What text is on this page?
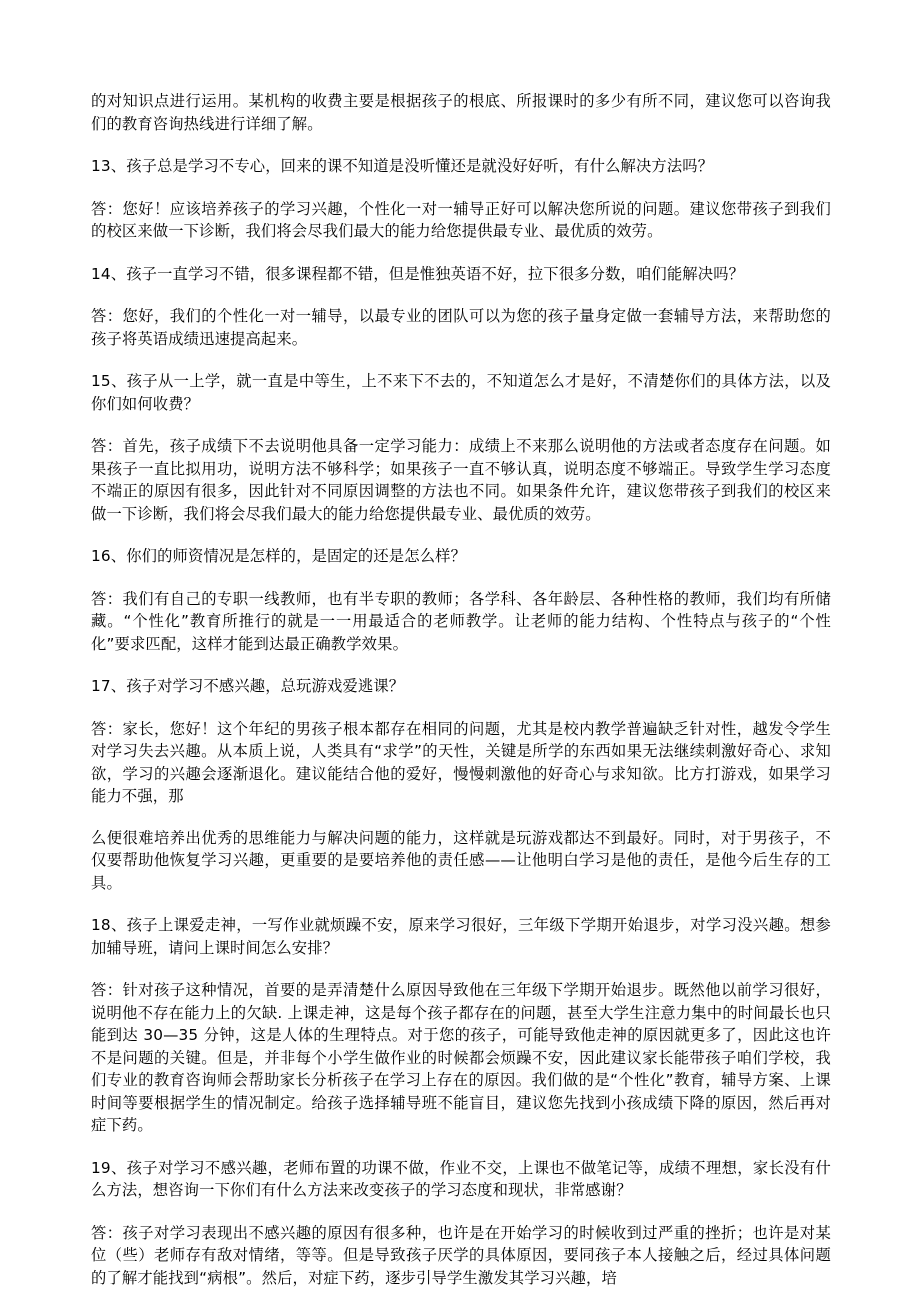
的对知识点进行运用。某机构的收费主要是根据孩子的根底、所报课时的多少有所不同，建议您可以咨询我们的教育咨询热线进行详细了解。

13、孩子总是学习不专心，回来的课不知道是没听懂还是就没好好听，有什么解决方法吗？

答：您好！应该培养孩子的学习兴趣，个性化一对一辅导正好可以解决您所说的问题。建议您带孩子到我们的校区来做一下诊断，我们将会尽我们最大的能力给您提供最专业、最优质的效劳。

14、孩子一直学习不错，很多课程都不错，但是惟独英语不好，拉下很多分数，咱们能解决吗？

答：您好，我们的个性化一对一辅导，以最专业的团队可以为您的孩子量身定做一套辅导方法，来帮助您的孩子将英语成绩迅速提高起来。

15、孩子从一上学，就一直是中等生，上不来下不去的，不知道怎么才是好，不清楚你们的具体方法，以及你们如何收费？

答：首先，孩子成绩下不去说明他具备一定学习能力：成绩上不来那么说明他的方法或者态度存在问题。如果孩子一直比拟用功，说明方法不够科学；如果孩子一直不够认真，说明态度不够端正。导致学生学习态度不端正的原因有很多，因此针对不同原因调整的方法也不同。如果条件允许，建议您带孩子到我们的校区来做一下诊断，我们将会尽我们最大的能力给您提供最专业、最优质的效劳。

16、你们的师资情况是怎样的，是固定的还是怎么样？

答：我们有自己的专职一线教师，也有半专职的教师；各学科、各年龄层、各种性格的教师，我们均有所储藏。“个性化”教育所推行的就是一一用最适合的老师教学。让老师的能力结构、个性特点与孩子的“个性化”要求匹配，这样才能到达最正确教学效果。

17、孩子对学习不感兴趣，总玩游戏爱逃课？

答：家长，您好！这个年纪的男孩子根本都存在相同的问题，尤其是校内教学普遍缺乏针对性，越发令学生对学习失去兴趣。从本质上说，人类具有“求学”的天性，关键是所学的东西如果无法继续刺激好奇心、求知欲，学习的兴趣会逐渐退化。建议能结合他的爱好，慢慢刺激他的好奇心与求知欲。比方打游戏，如果学习能力不强，那

么便很难培养出优秀的思维能力与解决问题的能力，这样就是玩游戏都达不到最好。同时，对于男孩子，不仅要帮助他恢复学习兴趣，更重要的是要培养他的责任感——让他明白学习是他的责任，是他今后生存的工具。

18、孩子上课爱走神，一写作业就烦躁不安，原来学习很好，三年级下学期开始退步，对学习没兴趣。想参加辅导班，请问上课时间怎么安排？

答：针对孩子这种情况，首要的是弄清楚什么原因导致他在三年级下学期开始退步。既然他以前学习很好，说明他不存在能力上的欠缺. 上课走神，这是每个孩子都存在的问题，甚至大学生注意力集中的时间最长也只能到达 30—35 分钟，这是人体的生理特点。对于您的孩子，可能导致他走神的原因就更多了，因此这也许不是问题的关键。但是，并非每个小学生做作业的时候都会烦躁不安，因此建议家长能带孩子咱们学校，我们专业的教育咨询师会帮助家长分析孩子在学习上存在的原因。我们做的是“个性化”教育，辅导方案、上课时间等要根据学生的情况制定。给孩子选择辅导班不能盲目，建议您先找到小孩成绩下降的原因，然后再对症下药。

19、孩子对学习不感兴趣，老师布置的功课不做，作业不交，上课也不做笔记等，成绩不理想，家长没有什么方法，想咨询一下你们有什么方法来改变孩子的学习态度和现状，非常感谢？

答：孩子对学习表现出不感兴趣的原因有很多种，也许是在开始学习的时候收到过严重的挫折；也许是对某位（些）老师存有敌对情绪，等等。但是导致孩子厌学的具体原因，要同孩子本人接触之后，经过具体问题的了解才能找到“病根”。然后，对症下药，逐步引导学生激发其学习兴趣，培
